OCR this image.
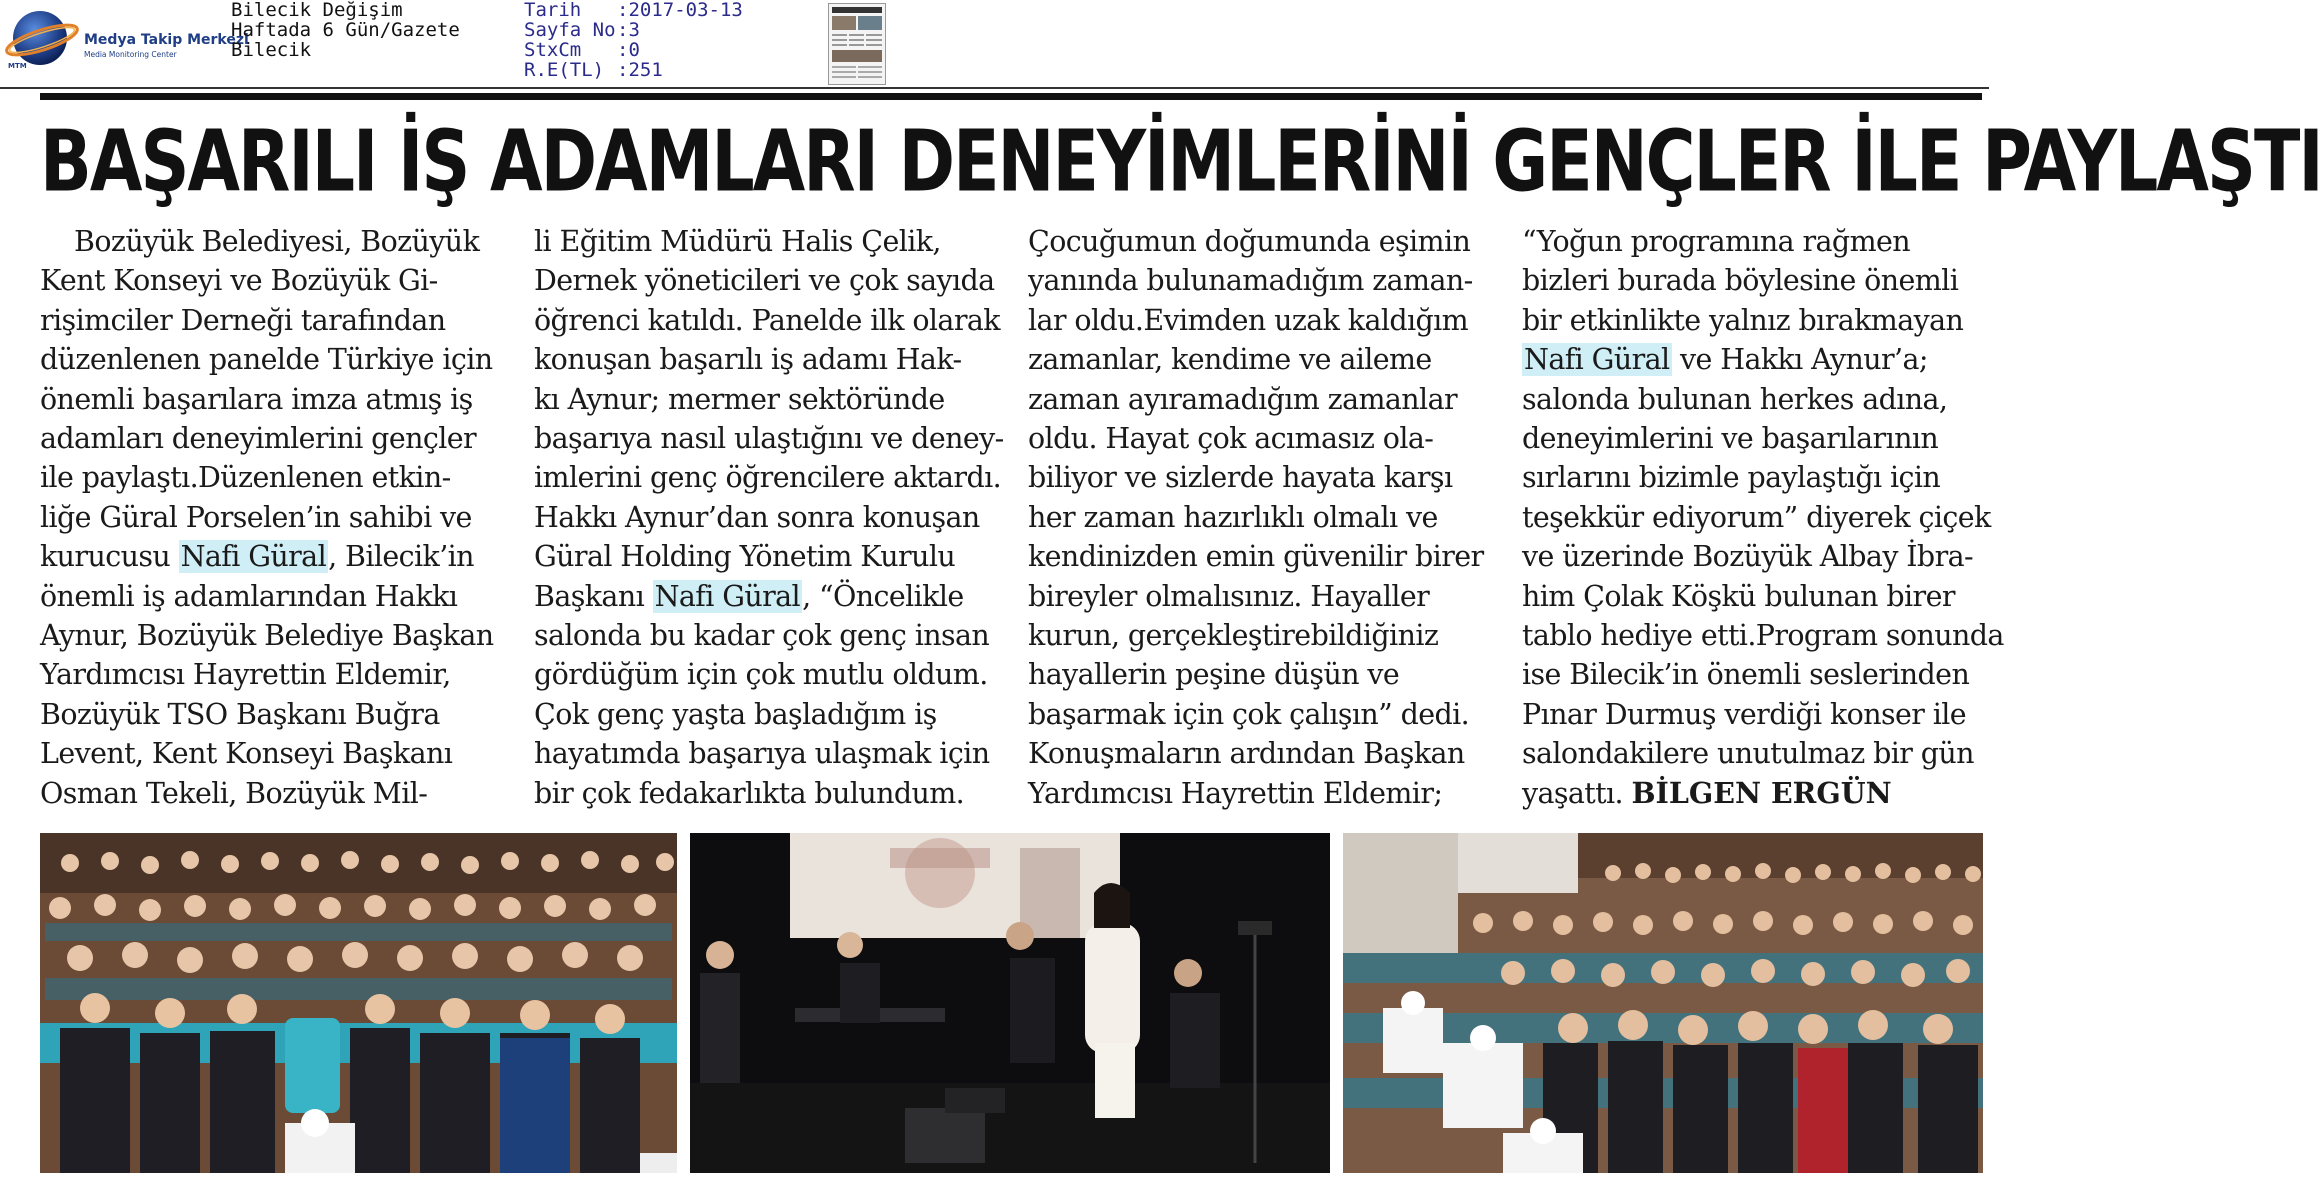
Medya Takip Merkezi
Media Monitoring Center
MTM
Bilecik Değişim
Haftada 6 Gün/Gazete
Bilecik
Tarih	:2017-03-13
Sayfa No :3
StxCm	:0
R.E(TL) :251
BAŞARILI İŞ ADAMLARI DENEYİMLERİNİ GENÇLER İLE PAYLAŞTI
Bozüyük Belediyesi, Bozüyük
Kent Konseyi ve Bozüyük Gi-
rişimciler Derneği tarafından
düzenlenen panelde Türkiye için
önemli başarılara imza atmış iş
adamları deneyimlerini gençler
ile paylaştı.Düzenlenen etkin-
liğe Güral Porselen’in sahibi ve
kurucusu Nafi Güral, Bilecik’in
önemli iş adamlarından Hakkı
Aynur, Bozüyük Belediye Başkan
Yardımcısı Hayrettin Eldemir,
Bozüyük TSO Başkanı Buğra
Levent, Kent Konseyi Başkanı
Osman Tekeli, Bozüyük Mil-
li Eğitim Müdürü Halis Çelik,
Dernek yöneticileri ve çok sayıda
öğrenci katıldı. Panelde ilk olarak
konuşan başarılı iş adamı Hak-
kı Aynur; mermer sektöründe
başarıya nasıl ulaştığını ve deney-
imlerini genç öğrencilere aktardı.
Hakkı Aynur’dan sonra konuşan
Güral Holding Yönetim Kurulu
Başkanı Nafi Güral, “Öncelikle
salonda bu kadar çok genç insan
gördüğüm için çok mutlu oldum.
Çok genç yaşta başladığım iş
hayatımda başarıya ulaşmak için
bir çok fedakarlıkta bulundum.
Çocuğumun doğumunda eşimin
yanında bulunamadığım zaman-
lar oldu.Evimden uzak kaldığım
zamanlar, kendime ve aileme
zaman ayıramadığım zamanlar
oldu. Hayat çok acımasız ola-
biliyor ve sizlerde hayata karşı
her zaman hazırlıklı olmalı ve
kendinizden emin güvenilir birer
bireyler olmalısınız. Hayaller
kurun, gerçekleştirebildiğiniz
hayallerin peşine düşün ve
başarmak için çok çalışın” dedi.
Konuşmaların ardından Başkan
Yardımcısı Hayrettin Eldemir;
“Yoğun programına rağmen
bizleri burada böylesine önemli
bir etkinlikte yalnız bırakmayan
Nafi Güral ve Hakkı Aynur’a;
salonda bulunan herkes adına,
deneyimlerini ve başarılarının
sırlarını bizimle paylaştığı için
teşekkür ediyorum” diyerek çiçek
ve üzerinde Bozüyük Albay İbra-
him Çolak Köşkü bulunan birer
tablo hediye etti.Program sonunda
ise Bilecik’in önemli seslerinden
Pınar Durmuş verdiği konser ile
salondakilere unutulmaz bir gün
yaşattı. BİLGEN ERGÜN
